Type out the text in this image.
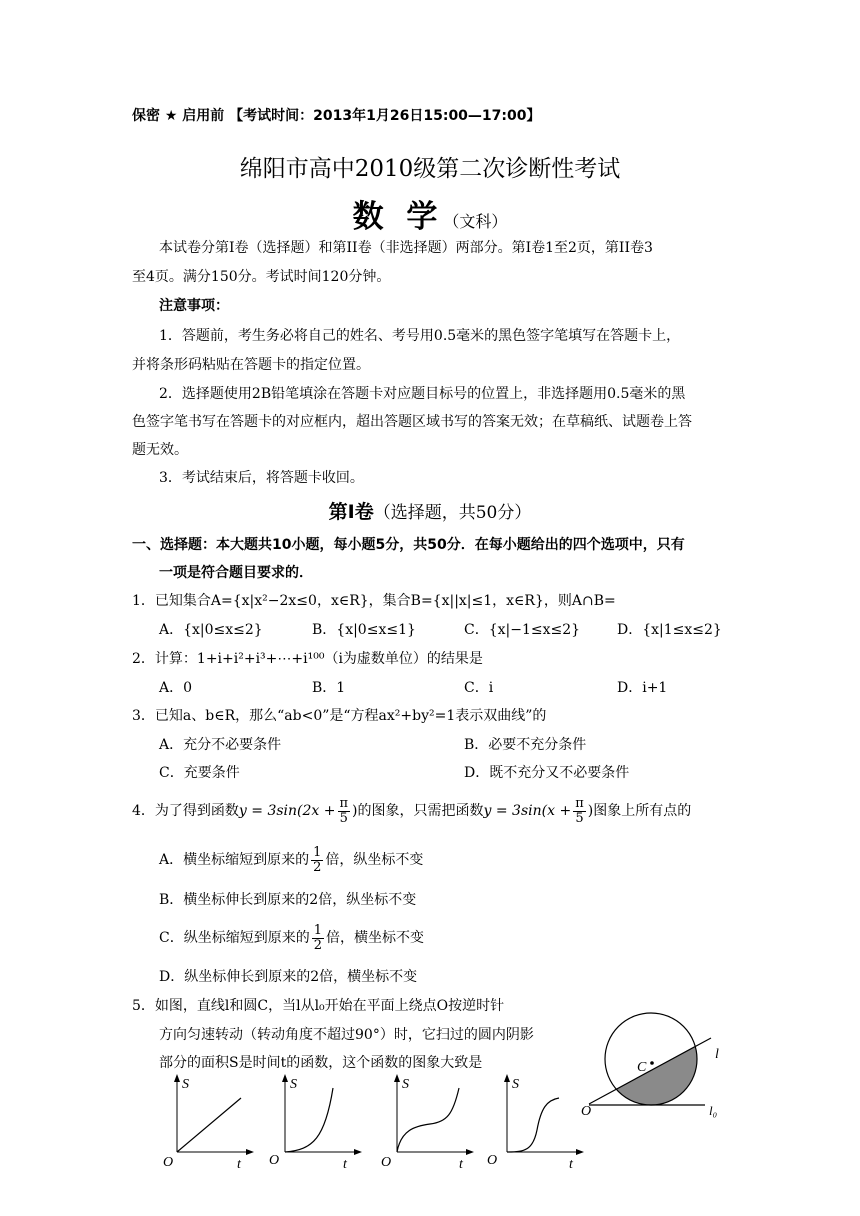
保密 ★ 启用前 【考试时间：2013年1月26日15:00—17:00】
绵阳市高中2010级第二次诊断性考试
数 学（文科）
本试卷分第I卷（选择题）和第II卷（非选择题）两部分。第I卷1至2页，第II卷3
至4页。满分150分。考试时间120分钟。
注意事项：
1．答题前，考生务必将自己的姓名、考号用0.5毫米的黑色签字笔填写在答题卡上，
并将条形码粘贴在答题卡的指定位置。
2．选择题使用2B铅笔填涂在答题卡对应题目标号的位置上，非选择题用0.5毫米的黑
色签字笔书写在答题卡的对应框内，超出答题区域书写的答案无效；在草稿纸、试题卷上答
题无效。
3．考试结束后，将答题卡收回。
第Ⅰ卷（选择题，共50分）
一、选择题：本大题共10小题，每小题5分，共50分．在每小题给出的四个选项中，只有
一项是符合题目要求的．
1．已知集合A={x|x²−2x≤0，x∈R}，集合B={x||x|≤1，x∈R}，则A∩B=
A．{x|0≤x≤2}	B．{x|0≤x≤1}	C．{x|−1≤x≤2}	D．{x|1≤x≤2}
2．计算：1+i+i²+i³+⋯+i¹⁰⁰（i为虚数单位）的结果是
A．0	B．1	C．i	D．i+1
3．已知a、b∈R，那么“ab<0”是“方程ax²+by²=1表示双曲线”的
A．充分不必要条件	B．必要不充分条件
C．充要条件	D．既不充分又不必要条件
4．为了得到函数$y = 3\sin(2x + \frac{\pi}{5}$ )的图象，只需把函数$y = 3\sin(x + \frac{\pi}{5}$ )图象上所有点的
A．横坐标缩短到原来的 $\frac{1}{2}$ 倍，纵坐标不变
B．横坐标伸长到原来的2倍，纵坐标不变
C．纵坐标缩短到原来的 $\frac{1}{2}$ 倍，横坐标不变
D．纵坐标伸长到原来的2倍，横坐标不变
5．如图，直线l和圆C，当l从l₀开始在平面上绕点O按逆时针
方向匀速转动（转动角度不超过90°）时，它扫过的圆内阴影
部分的面积S是时间t的函数，这个函数的图象大致是	C
l
O	l₀
S
O	t
S
O	t
S
O	t
S
O	t
